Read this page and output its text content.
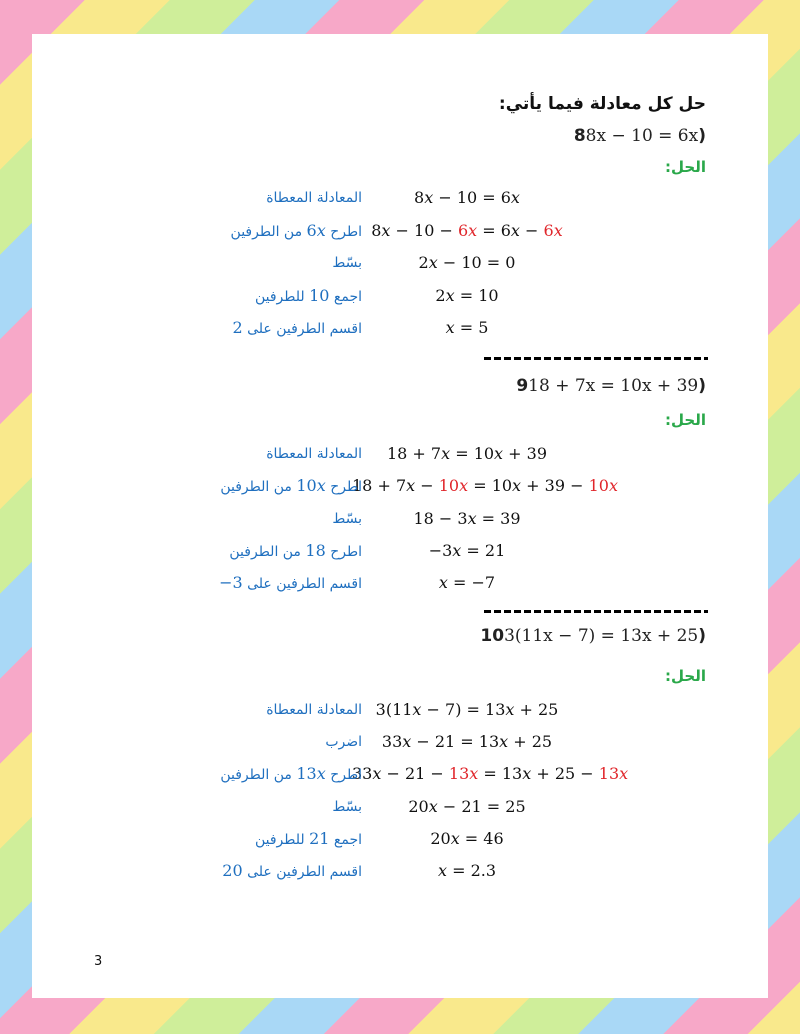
حل كل معادلة فيما يأتي:
(88x − 10 = 6x
الحل:
(918 + 7x = 10x + 39
الحل:
(103(11x − 7) = 13x + 25
الحل:
3
8𝑥 − 10 = 6𝑥
المعادلة المعطاة
8𝑥 − 10 − 6𝑥 = 6𝑥 − 6𝑥
اطرح 6𝑥 من الطرفين
2𝑥 − 10 = 0
بسّط
2𝑥 = 10
اجمع 10 للطرفين
𝑥 = 5
اقسم الطرفين على 2
18 + 7𝑥 = 10𝑥 + 39
المعادلة المعطاة
18 + 7𝑥 − 10𝑥 = 10𝑥 + 39 − 10𝑥
اطرح 10𝑥 من الطرفين
18 − 3𝑥 = 39
بسّط
−3𝑥 = 21
اطرح 18 من الطرفين
𝑥 = −7
اقسم الطرفين على −3
3(11𝑥 − 7) = 13𝑥 + 25
المعادلة المعطاة
33𝑥 − 21 = 13𝑥 + 25
اضرب
33𝑥 − 21 − 13𝑥 = 13𝑥 + 25 − 13𝑥
اطرح 13𝑥 من الطرفين
20𝑥 − 21 = 25
بسّط
20𝑥 = 46
اجمع 21 للطرفين
𝑥 = 2.3
اقسم الطرفين على 20
